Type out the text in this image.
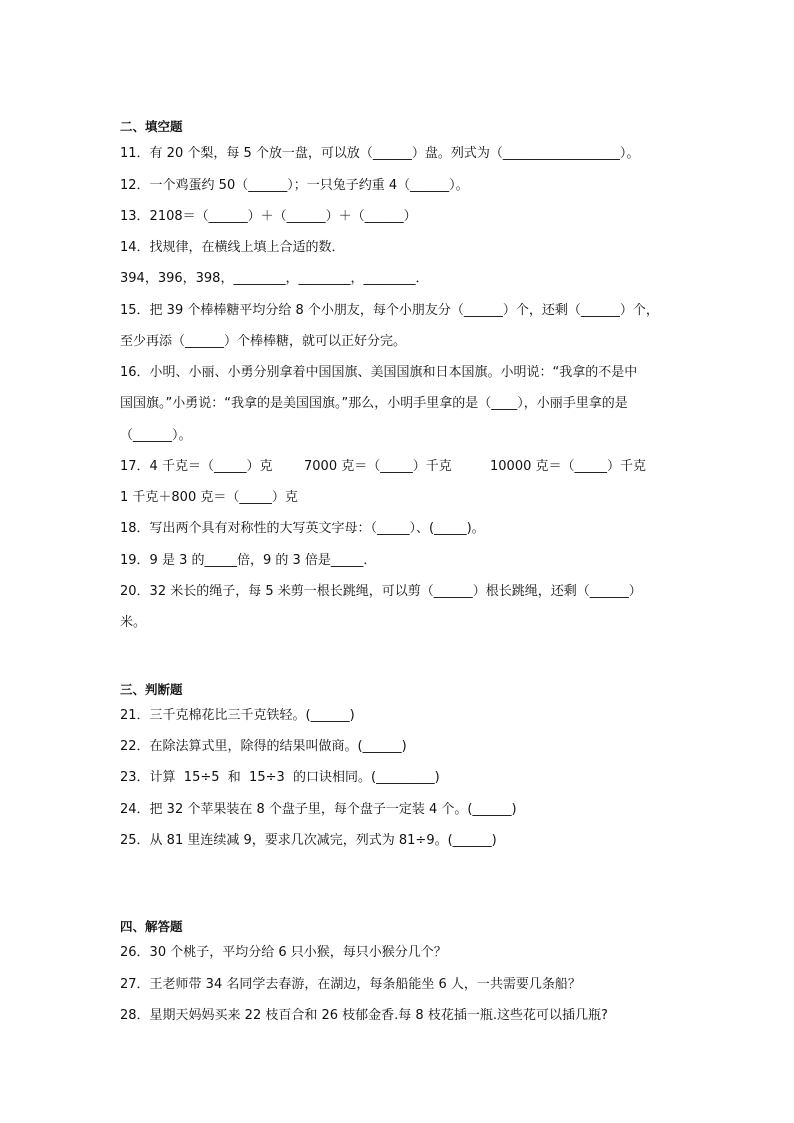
二、填空题
11．有 20 个梨，每 5 个放一盘，可以放（______）盘。列式为（__________________）。
12．一个鸡蛋约 50（______）；一只兔子约重 4（______）。
13．2108＝（______）＋（______）＋（______）
14．找规律，在横线上填上合适的数．
394，396，398，________，________，________．
15．把 39 个棒棒糖平均分给 8 个小朋友，每个小朋友分（______）个，还剩（______）个，
至少再添（______）个棒棒糖，就可以正好分完。
16．小明、小丽、小勇分别拿着中国国旗、美国国旗和日本国旗。小明说：“我拿的不是中
国国旗。”小勇说：“我拿的是美国国旗。”那么，小明手里拿的是（____），小丽手里拿的是
（______）。
17．4 千克＝（_____）克 7000 克＝（_____）千克	10000 克＝（_____）千克
1 千克＋800 克＝（_____）克
18．写出两个具有对称性的大写英文字母：（_____）、(_____)。
19．9 是 3 的_____倍，9 的 3 倍是_____．
20．32 米长的绳子，每 5 米剪一根长跳绳，可以剪（______）根长跳绳，还剩（______）
米。
三、判断题
21．三千克棉花比三千克铁轻。(______)
22．在除法算式里，除得的结果叫做商。(______)
23．计算  15÷5  和  15÷3  的口诀相同。(_________)
24．把 32 个苹果装在 8 个盘子里，每个盘子一定装 4 个。(______)
25．从 81 里连续减 9，要求几次减完，列式为 81÷9。(______)
四、解答题
26．30 个桃子，平均分给 6 只小猴，每只小猴分几个？
27．王老师带 34 名同学去春游，在湖边，每条船能坐 6 人，一共需要几条船？
28．星期天妈妈买来 22 枝百合和 26 枝郁金香.每 8 枝花插一瓶.这些花可以插几瓶?
